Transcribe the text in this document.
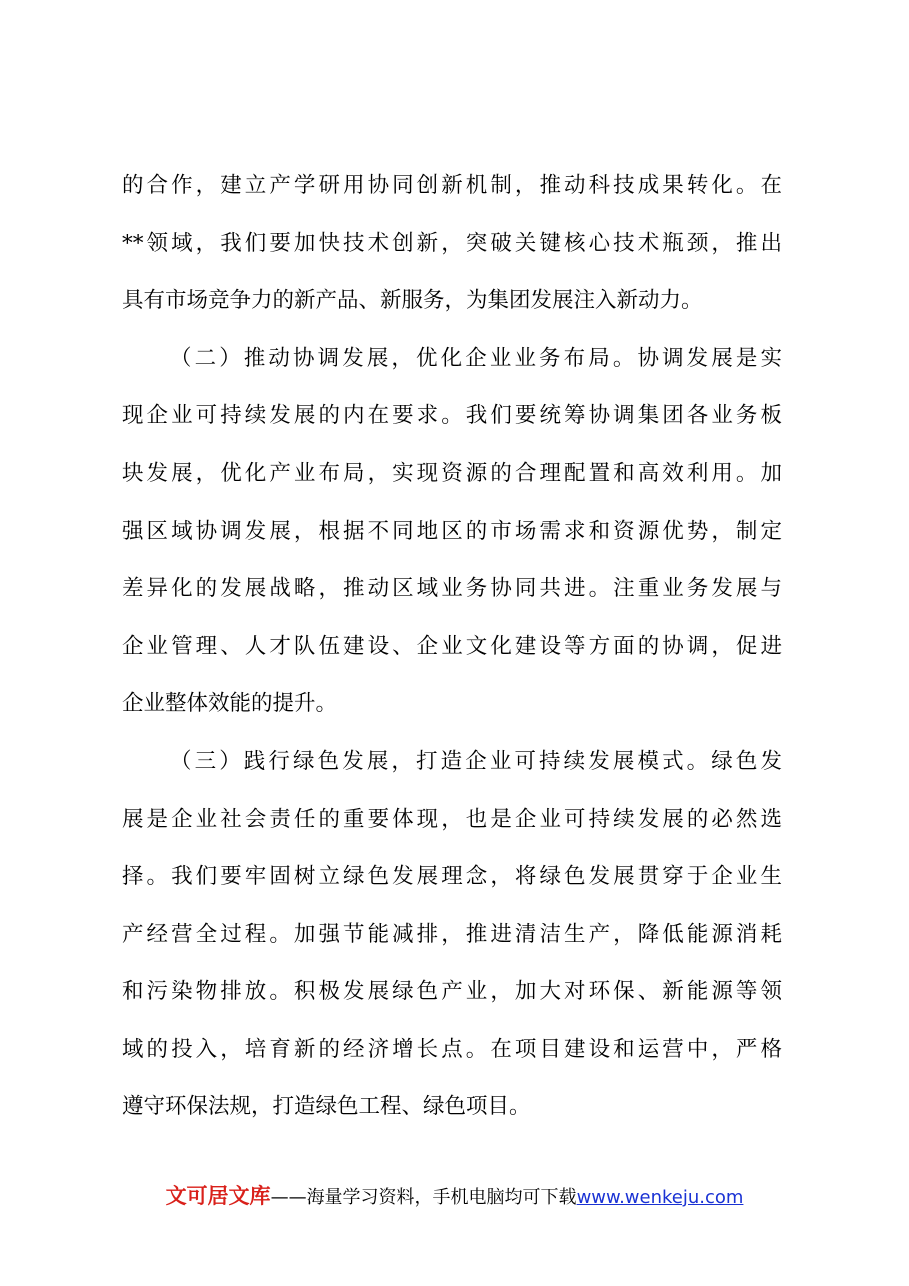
的合作，建立产学研用协同创新机制，推动科技成果转化。在
**领域，我们要加快技术创新，突破关键核心技术瓶颈，推出
具有市场竞争力的新产品、新服务，为集团发展注入新动力。
（二）推动协调发展，优化企业业务布局。协调发展是实
现企业可持续发展的内在要求。我们要统筹协调集团各业务板
块发展，优化产业布局，实现资源的合理配置和高效利用。加
强区域协调发展，根据不同地区的市场需求和资源优势，制定
差异化的发展战略，推动区域业务协同共进。注重业务发展与
企业管理、人才队伍建设、企业文化建设等方面的协调，促进
企业整体效能的提升。
（三）践行绿色发展，打造企业可持续发展模式。绿色发
展是企业社会责任的重要体现，也是企业可持续发展的必然选
择。我们要牢固树立绿色发展理念，将绿色发展贯穿于企业生
产经营全过程。加强节能减排，推进清洁生产，降低能源消耗
和污染物排放。积极发展绿色产业，加大对环保、新能源等领
域的投入，培育新的经济增长点。在项目建设和运营中，严格
遵守环保法规，打造绿色工程、绿色项目。
文可居文库——海量学习资料，手机电脑均可下载www.wenkeju.com
